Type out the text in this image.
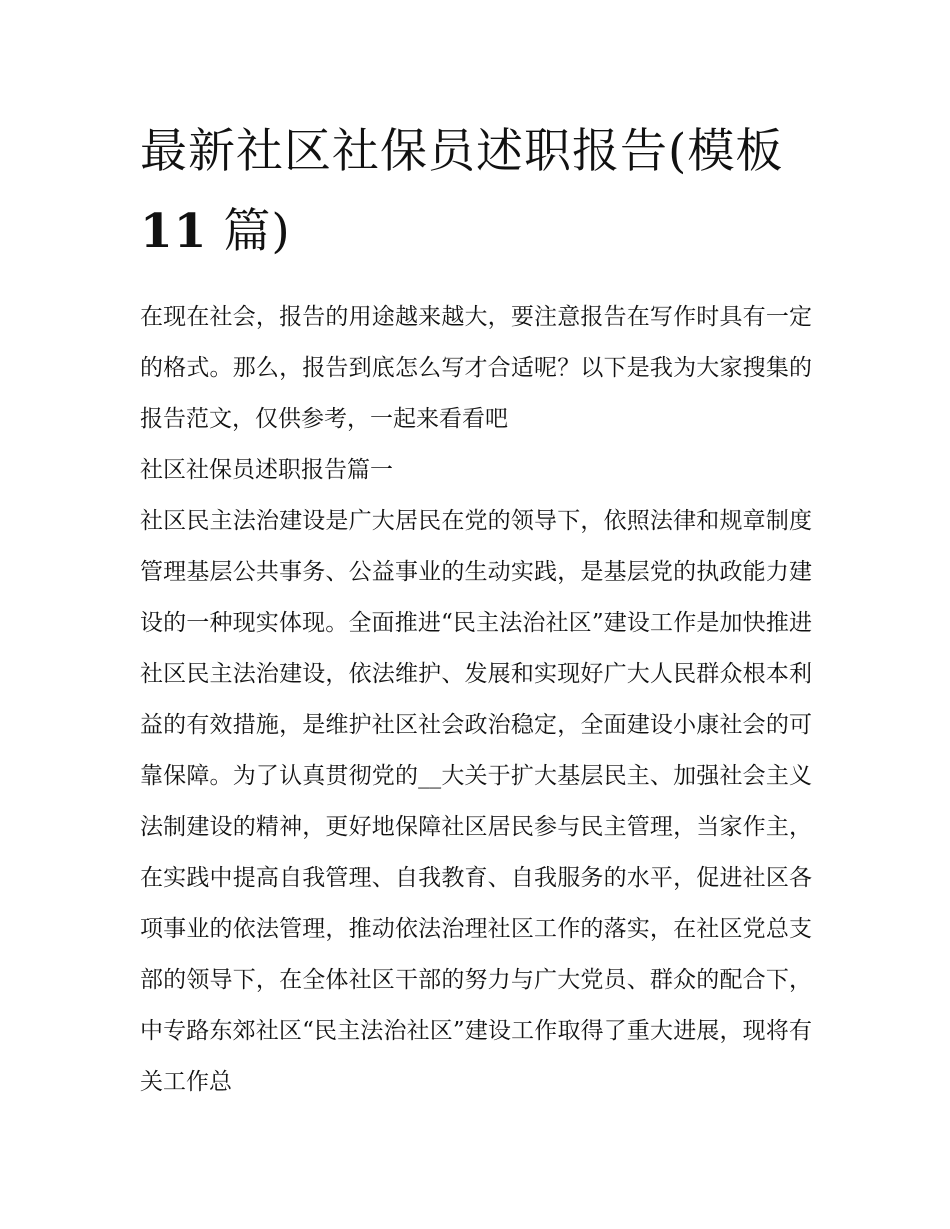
最新社区社保员述职报告(模板
11 篇)

在现在社会，报告的用途越来越大，要注意报告在写作时具有一定的格式。那么，报告到底怎么写才合适呢？以下是我为大家搜集的报告范文，仅供参考，一起来看看吧

社区社保员述职报告篇一

社区民主法治建设是广大居民在党的领导下，依照法律和规章制度管理基层公共事务、公益事业的生动实践，是基层党的执政能力建设的一种现实体现。全面推进“民主法治社区”建设工作是加快推进社区民主法治建设，依法维护、发展和实现好广大人民群众根本利益的有效措施，是维护社区社会政治稳定，全面建设小康社会的可靠保障。为了认真贯彻党的__大关于扩大基层民主、加强社会主义法制建设的精神，更好地保障社区居民参与民主管理，当家作主，在实践中提高自我管理、自我教育、自我服务的水平，促进社区各项事业的依法管理，推动依法治理社区工作的落实，在社区党总支部的领导下，在全体社区干部的努力与广大党员、群众的配合下，中专路东郊社区“民主法治社区”建设工作取得了重大进展，现将有关工作总
